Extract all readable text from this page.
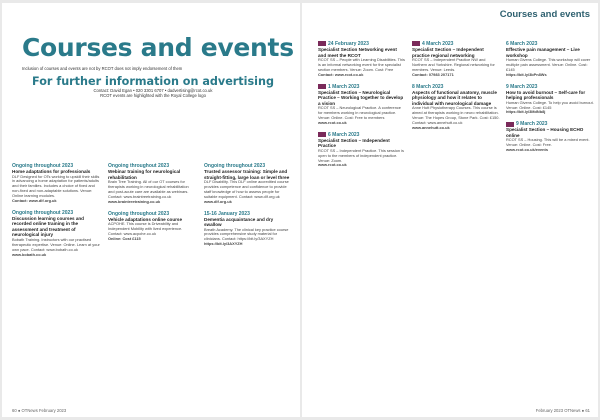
Courses and events
Inclusion of courses and events are not by RCOT does not imply endorsement of them
For further information on advertising
Contact: David Egan • 020 3301 6707 • dadvertising@rcot.co.uk
RCOT events are highlighted with the Royal College logo
Ongoing throughout 2023
Home adaptations for professionals
DLF Designed for OTs working to upskill their skills in advancing a home adaptation for patients/adults and their families. Includes a choice of fixed and non-fixed and non-adaptable solutions. Venue: Online learning modules.
Contact: www.dlf.org.uk
Ongoing throughout 2023
Discussion learning courses and recorded online training in the assessment and treatment of neurological injury
Bobath Training. Instructors with our practised therapeutic expertise. Venue: Online. Learn at your own pace. Contact: www.bobath.co.uk
www.bobath.co.uk
Ongoing throughout 2023
Webinar training for neurological rehabilitation
Brain Tree Training. All of our OT courses for therapists working in neurological rehabilitation and post-acute care are available as webinars. Contact: www.braintreetraining.co.uk
www.braintreetraining.co.uk
Ongoing throughout 2023
Vehicle adaptations online course
ACPOHE. This course is Driveability and Independent Mobility with lived experience. Contact: www.acpohe.co.uk
Online: Cost £115
Ongoing throughout 2023
Trusted assessor training: Simple and straight-fitting, large loan or level three
DLF Disability. This DLF online accredited course provides competence and confidence to provide staff knowledge of how to assess people for suitable equipment. Contact: www.dlf.org.uk
www.dlf.org.uk
15-16 January 2023
Dementia acquaintance and dry swallow
Breath Academy. The clinical key practice course provides comprehensive study material for clinicians. Contact: https://bit.ly/3AXYZH
https://bit.ly/3AXYZH
60 ● OTNews February 2023
Courses and events
24 February 2023
Specialist Section Networking event and meet the RCOT
RCOT SS – People with Learning Disabilities. This is an informal networking event for the specialist section members. Venue: Zoom. Cost: Free
Contact: www.rcot.co.uk
1 March 2023
Specialist Section – Neurological Practice – Working together to develop a vision
RCOT SS – Neurological Practice. A conference for members working in neurological practice. Venue: Online. Cost: Free to members
www.rcot.co.uk
6 March 2023
Specialist Section – Independent Practice
RCOT SS – Independent Practice. This session is open to the members of independent practice. Venue: Zoom.
www.rcot.co.uk
4 March 2023
Specialist Section – Independent practice regional networking
RCOT SS – Independent Practice NW and Northern and Yorkshire. Regional networking for members. Venue: Leeds.
Contact: 07983 207171
8 March 2023
Aspects of functional anatomy, muscle physiology and how it relates to individual with neurological damage
Anne Hutt Physiotherapy Courses. This course is aimed at therapists working in neuro rehabilitation. Venue: The Hopes Group, Stone Park. Cost: £150. Contact: www.annehutt.co.uk
www.annehutt.co.uk
6 March 2023
Effective pain management – Live workshop
Human Givens College. This workshop will cover multiple pain assessment. Venue: Online. Cost: £145
https://bit.ly/3bPn8Ws
9 March 2023
How to avoid burnout – Self-care for helping professionals
Human Givens College. To help you avoid burnout. Venue: Online. Cost: £145
https://bit.ly/3MdNb8j
9 March 2023
Specialist Section – Housing ECHO online
RCOT SS – Housing. This will be a mixed event. Venue: Online. Cost: Free.
www.rcot.co.uk/events
February 2023 OTNews ● 61
